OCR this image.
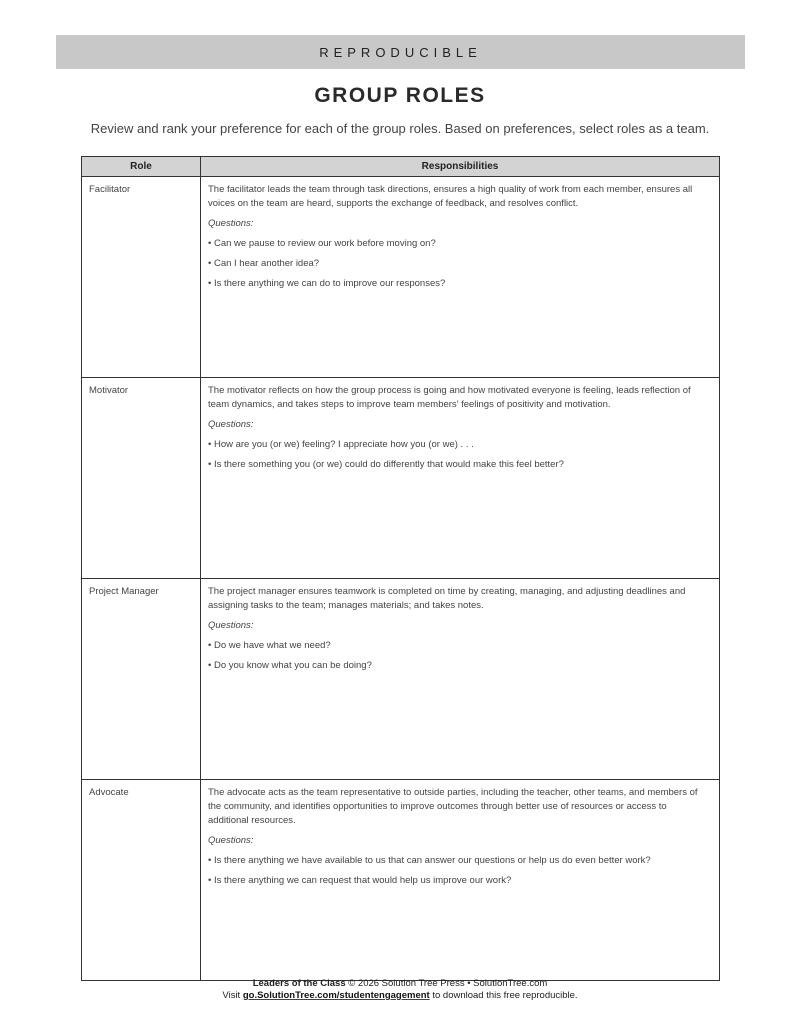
REPRODUCIBLE
GROUP ROLES
Review and rank your preference for each of the group roles. Based on preferences, select roles as a team.
Role	Responsibilities
Facilitator	The facilitator leads the team through task directions, ensures a high quality of work from each member, ensures all voices on the team are heard, supports the exchange of feedback, and resolves conflict.
Questions:
• Can we pause to review our work before moving on?
• Can I hear another idea?
• Is there anything we can do to improve our responses?

Motivator	The motivator reflects on how the group process is going and how motivated everyone is feeling, leads reflection of team dynamics, and takes steps to improve team members’ feelings of positivity and motivation.
Questions:
• How are you (or we) feeling? I appreciate how you (or we) . . .
• Is there something you (or we) could do differently that would make this feel better?

Project Manager	The project manager ensures teamwork is completed on time by creating, managing, and adjusting deadlines and assigning tasks to the team; manages materials; and takes notes.
Questions:
• Do we have what we need?
• Do you know what you can be doing?

Advocate	The advocate acts as the team representative to outside parties, including the teacher, other teams, and members of the community, and identifies opportunities to improve outcomes through better use of resources or access to additional resources.
Questions:
• Is there anything we have available to us that can answer our questions or help us do even better work?
• Is there anything we can request that would help us improve our work?
Leaders of the Class © 2026 Solution Tree Press • SolutionTree.com
Visit go.SolutionTree.com/studentengagement to download this free reproducible.
